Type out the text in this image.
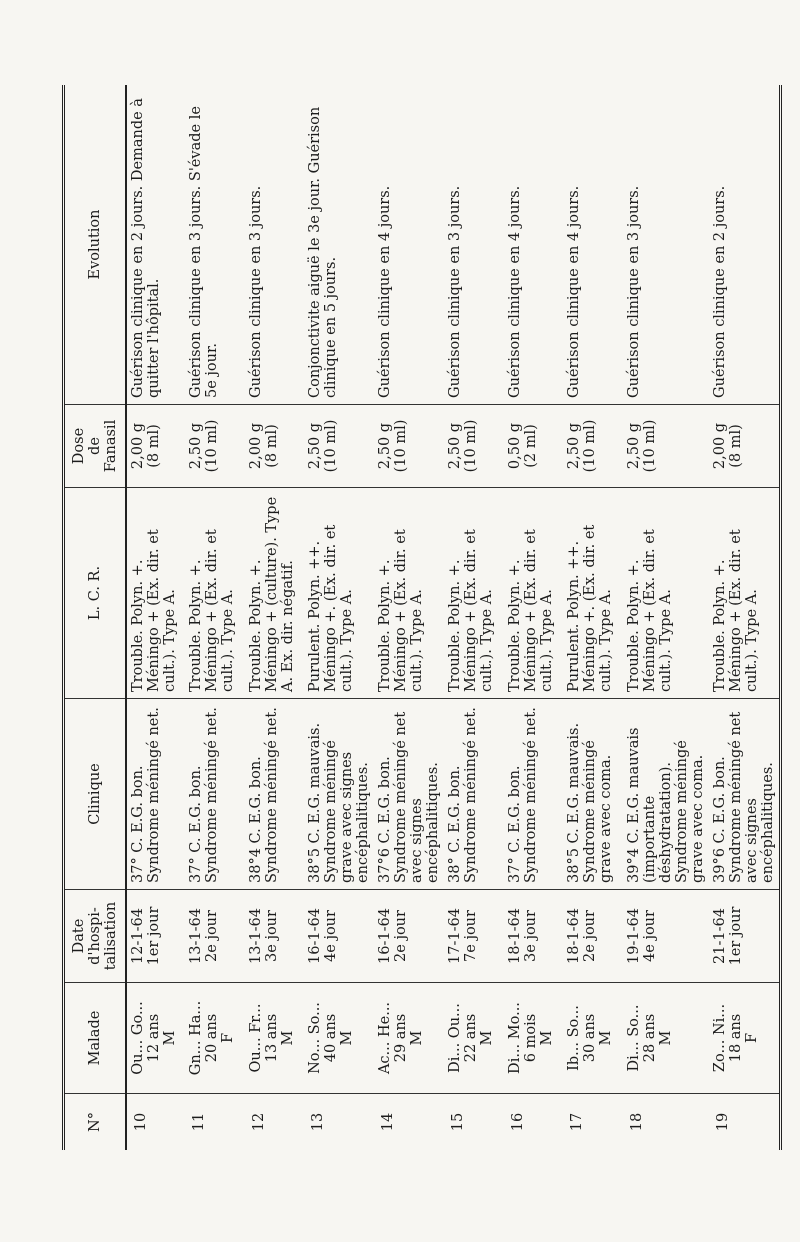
N°	Malade	Date d'hospi- talisation	Clinique	L. C. R.	Dose de Fanasil	Evolution
10	Ou... Go... 12 ans M	12-1-64 1er jour	37° C. E.G. bon. Syndrome méningé net.	Trouble. Polyn. +. Méningo + (Ex. dir. et cult.). Type A.	2,00 g (8 ml)	Guérison clinique en 2 jours. Demande à quitter l'hôpital.
11	Gn... Ha... 20 ans F	13-1-64 2e jour	37° C. E.G. bon. Syndrome méningé net.	Trouble. Polyn. +. Méningo + (Ex. dir. et cult.). Type A.	2,50 g (10 ml)	Guérison clinique en 3 jours. S'évade le 5e jour.
12	Ou... Fr... 13 ans M	13-1-64 3e jour	38°4 C. E.G. bon. Syndrome méningé net.	Trouble. Polyn. +. Méningo + (culture). Type A. Ex. dir. négatif.	2,00 g (8 ml)	Guérison clinique en 3 jours.
13	No... So... 40 ans M	16-1-64 4e jour	38°5 C. E.G. mauvais. Syndrome méningé grave avec signes encéphalitiques.	Purulent. Polyn. ++. Méningo +. (Ex. dir. et cult.). Type A.	2,50 g (10 ml)	Conjonctivite aiguë le 3e jour. Guérison clinique en 5 jours.
14	Ac... He... 29 ans M	16-1-64 2e jour	37°6 C. E.G. bon. Syndrome méningé net avec signes encéphalitiques.	Trouble. Polyn. +. Méningo + (Ex. dir. et cult.). Type A.	2,50 g (10 ml)	Guérison clinique en 4 jours.
15	Di... Ou... 22 ans M	17-1-64 7e jour	38° C. E.G. bon. Syndrome méningé net.	Trouble. Polyn. +. Méningo + (Ex. dir. et cult.). Type A.	2,50 g (10 ml)	Guérison clinique en 3 jours.
16	Di... Mo... 6 mois M	18-1-64 3e jour	37° C. E.G. bon. Syndrome méningé net.	Trouble. Polyn. +. Méningo + (Ex. dir. et cult.). Type A.	0,50 g (2 ml)	Guérison clinique en 4 jours.
17	Ib... So... 30 ans M	18-1-64 2e jour	38°5 C. E.G. mauvais. Syndrome méningé grave avec coma.	Purulent. Polyn. ++. Méningo +. (Ex. dir. et cult.). Type A.	2,50 g (10 ml)	Guérison clinique en 4 jours.
18	Di... So... 28 ans M	19-1-64 4e jour	39°4 C. E.G. mauvais (importante déshydratation). Syndrome méningé grave avec coma.	Trouble. Polyn. +. Méningo + (Ex. dir. et cult.). Type A.	2,50 g (10 ml)	Guérison clinique en 3 jours.
19	Zo... Ni... 18 ans F	21-1-64 1er jour	39°6 C. E.G. bon. Syndrome méningé net avec signes encéphalitiques.	Trouble. Polyn. +. Méningo + (Ex. dir. et cult.). Type A.	2,00 g (8 ml)	Guérison clinique en 2 jours.
